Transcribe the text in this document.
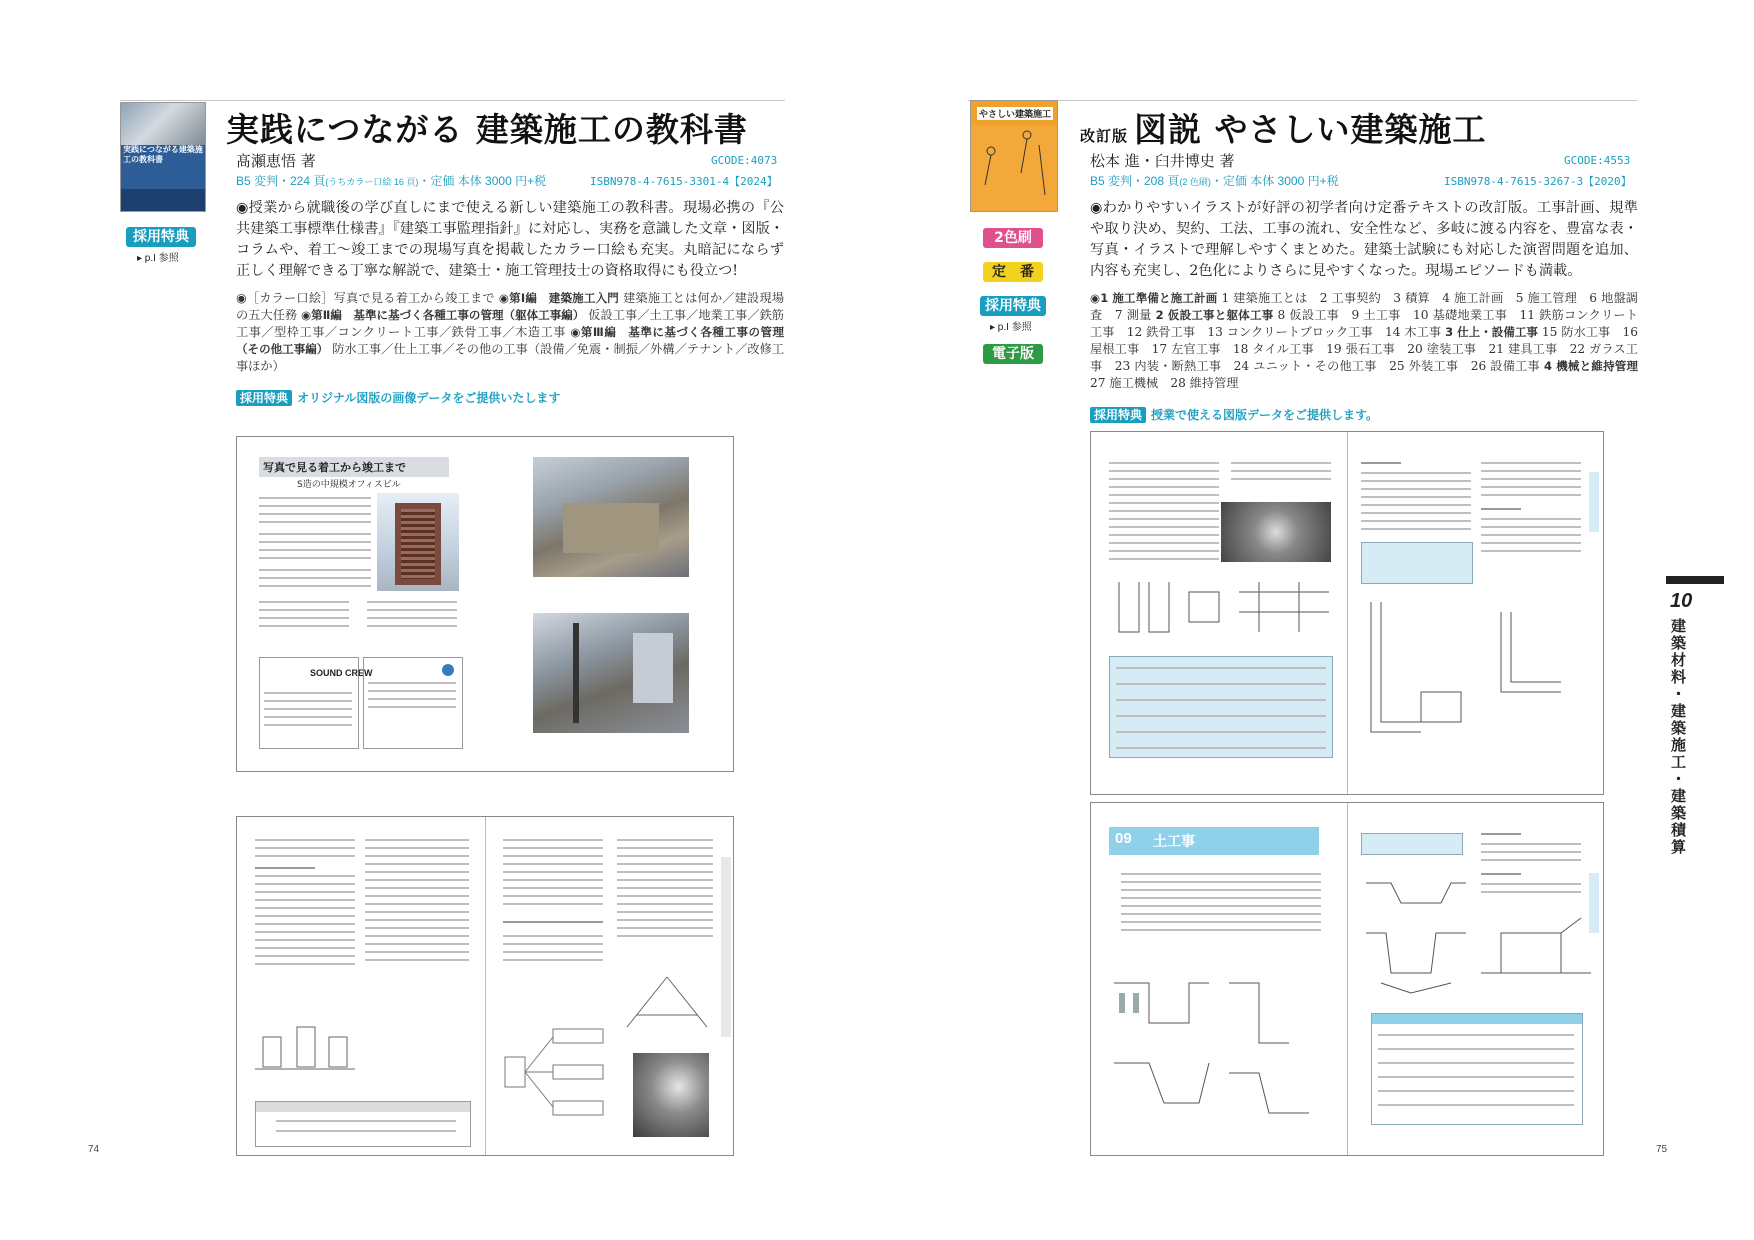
実践につながる建築施工の教科書
採用特典
▸ p.I 参照
実践につながる 建築施工の教科書
髙瀬恵悟 著	GCODE:4073
B5 変判・224 頁(うちカラー口絵 16 頁)・定価 本体 3000 円+税	ISBN978-4-7615-3301-4【2024】
◉授業から就職後の学び直しにまで使える新しい建築施工の教科書。現場必携の『公共建築工事標準仕様書』『建築工事監理指針』に対応し、実務を意識した文章・図版・コラムや、着工〜竣工までの現場写真を掲載したカラー口絵も充実。丸暗記にならず正しく理解できる丁寧な解説で、建築士・施工管理技士の資格取得にも役立つ!
◉［カラー口絵］写真で見る着工から竣工まで ◉第Ⅰ編　建築施工入門 建築施工とは何か／建設現場の五大任務 ◉第Ⅱ編　基準に基づく各種工事の管理（躯体工事編） 仮設工事／土工事／地業工事／鉄筋工事／型枠工事／コンクリート工事／鉄骨工事／木造工事 ◉第Ⅲ編　基準に基づく各種工事の管理（その他工事編） 防水工事／仕上工事／その他の工事（設備／免震・制振／外構／テナント／改修工事ほか）
採用特典 オリジナル図版の画像データをご提供いたします
写真で見る着工から竣工まで
S造の中規模オフィスビル
SOUND CREW
74
やさしい建築施工
2色刷
定　番
採用特典
▸ p.I 参照
電子版
改訂版 図説 やさしい建築施工
松本 進・臼井博史 著	GCODE:4553
B5 変判・208 頁(2 色刷)・定価 本体 3000 円+税	ISBN978-4-7615-3267-3【2020】
◉わかりやすいイラストが好評の初学者向け定番テキストの改訂版。工事計画、規準や取り決め、契約、工法、工事の流れ、安全性など、多岐に渡る内容を、豊富な表・写真・イラストで理解しやすくまとめた。建築士試験にも対応した演習問題を追加、内容も充実し、2色化によりさらに見やすくなった。現場エピソードも満載。
◉1 施工準備と施工計画 1 建築施工とは　2 工事契約　3 積算　4 施工計画　5 施工管理　6 地盤調査　7 測量 2 仮設工事と躯体工事 8 仮設工事　9 土工事　10 基礎地業工事　11 鉄筋コンクリート工事　12 鉄骨工事　13 コンクリートブロック工事　14 木工事 3 仕上・設備工事 15 防水工事　16 屋根工事　17 左官工事　18 タイル工事　19 張石工事　20 塗装工事　21 建具工事　22 ガラス工事　23 内装・断熱工事　24 ユニット・その他工事　25 外装工事　26 設備工事 4 機械と維持管理 27 施工機械　28 維持管理
採用特典 授業で使える図版データをご提供します。
09 土工事
10
建築材料・建築施工・建築積算
75
